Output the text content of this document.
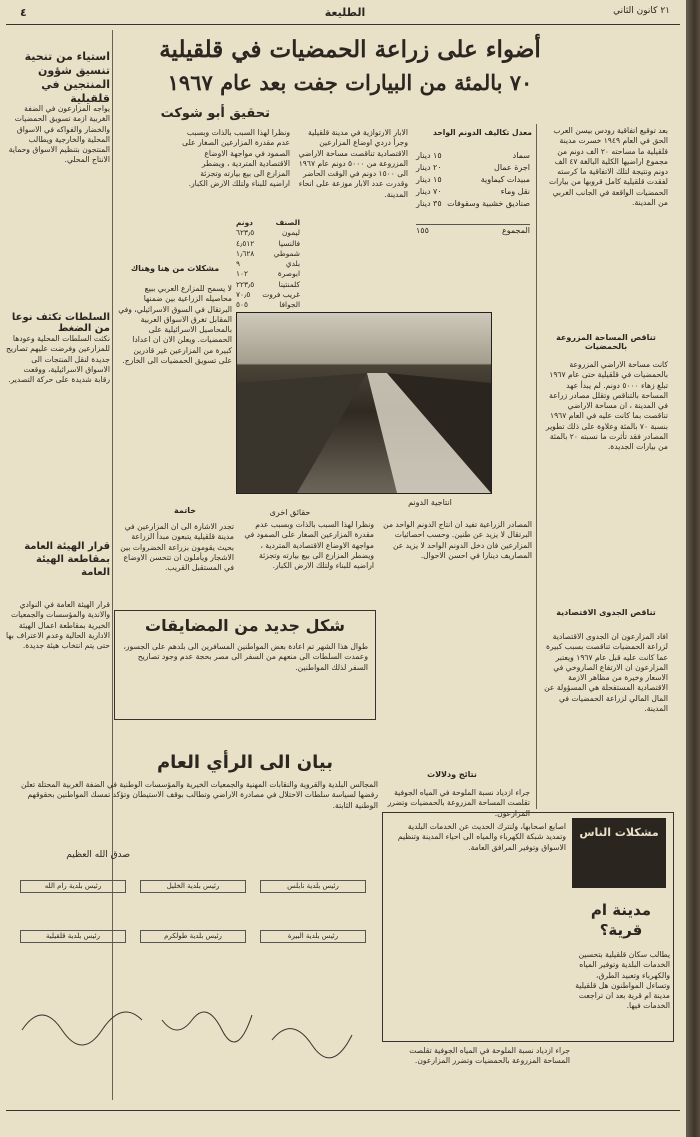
٤	الطليعة	٢١ كانون الثاني
أضواء على زراعة الحمضيات في قلقيلية
٧٠ بالمئة من البيارات جفت بعد عام ١٩٦٧
تحقيق أبو شوكت
بعد توقيع اتفاقية رودس بيسن العرب الحق في العام ١٩٤٩ خسرت مدينة قلقيلية ما مساحته ٢٠ الف دونم من مجموع اراضيها الكلية البالغة ٤٧ الف دونم ونتيجة لتلك الاتفاقية ما كرسته لفقدت قلقيلية كامل قروبها من بيارات الحمضيات الواقعة في الجانب الغربي من المدينة.
تناقص المساحة المزروعة بالحمضيات
كانت مساحة الاراضي المزروعة بالحمضيات في قلقيلية حتى عام ١٩٦٧ تبلغ زهاء ٥٠٠٠ دونم. لم يبدأ عهد المساحة بالتناقص وتقلل مصادر زراعة في المدينة ، ان مساحة الاراضي تناقصت بما كانت عليه في العام ١٩٦٧ بنسبة ٧٠ بالمئة وعلاوة على ذلك تطوير المصادر فقد تأثرت ما نسبته ٢٠ بالمئة من بيارات الجديدة.
تناقص الجدوى الاقتصادية
افاد المزارعون ان الجدوى الاقتصادية لزراعة الحمضيات تناقصت بسبب كبيرة عما كانت عليه قبل عام ١٩٦٧ ويعتبر المزارعون ان الارتفاع الصاروخي في الاسعار وخيرة من مظاهر الازمة الاقتصادية المستفحلة هي المسؤولة عن المال المالي لزراعة الحمضيات في المدينة.
معدل تكاليف الدونم الواحد
سماد
١٥ دينار
اجرة عمال
٢٠ دينار
مبيدات كيماوية
١٥ دينار
نقل وماء
٧٠ دينار
صناديق خشبية وسقوفات
٣٥ دينار
المجموع
١٥٥
الابار الارتوازية في مدينة قلقيلية وجرأ دردي اوضاع المزارعين الاقتصادية تناقصت مساحة الاراضي المزروعة من ٥٠٠٠ دونم عام ١٩٦٧ الى ١٥٠٠ دونم في الوقت الحاضر وقدرت عدد الابار موزعة على انحاء المدينة.
ونظرا لهذا السبب بالذات وبسبب عدم مقدرة المزارعين الصغار على الصمود في مواجهة الاوضاع الاقتصادية المتردية ، ويضطر المزارع الى بيع بيارته وتجزئة اراضيه للبناء ولتلك الارض الكبار.
الصنف
دونم
ليمون
٦٢٣٫٥
فالنسيا
٤٫٥١٢
شموطي
١٫٦٢٨
بلدي
٩
ابوصرة
١٠٢
كلمنتينا
٢٢٣٫٥
غريب فروت
٧٠٫٥
الجوافا
٥٠٥
مشكلات من هنا وهناك
لا يسمح للمزارع العربي ببيع محاصيله الزراعية بين ضمنها البرتقال في السوق الاسرائيلي، وفي المقابل تغرق الاسواق العربية بالمحاصيل الاسرائيلية على الحمضيات. ويعلن الان ان اعدادا كبيرة من المزارعين غير قادرين على تسويق الحمضيات الى الخارج.
خاتمة	حقائق اخرى
انتاجية الدونم
تجدر الاشارة الى ان المزارعين في مدينة قلقيلية يتبعون مبدأ الزراعة بحيث يقومون بزراعة الخضروات بين الاشجار ويأملون ان تتحسن الاوضاع في المستقبل القريب.
المصادر الزراعية تفيد ان انتاج الدونم الواحد من البرتقال لا يزيد عن طنين. وحسب احصائيات المزارعين فان دخل الدونم الواحد لا يزيد عن المصاريف دينارا في احسن الاحوال.
ونظرا لهذا السبب بالذات وبسبب عدم مقدرة المزارعين الصغار على الصمود في مواجهة الاوضاع الاقتصادية المتردية ، ويضطر المزارع الى بيع بيارته وتجزئة اراضيه للبناء ولتلك الارض الكبار.
نتائج ودلالات
جراء ازدياد نسبة الملوحة في المياه الجوفية تقلصت المساحة المزروعة بالحمضيات وتضرر المزارعون.
استياء من تنحية تنسيق شؤون المنتجين في قلقيلية
يواجه المزارعون في الضفة الغربية ازمة تسويق الحمضيات والخضار والفواكه في الاسواق المحلية والخارجية ويطالب المنتجون بتنظيم الاسواق وحماية الانتاج المحلي.
السلطات تكثف نوعا من الضغط
نكثت السلطات المحلية وعودها للمزارعين وفرضت عليهم تصاريح جديدة لنقل المنتجات الى الاسواق الاسرائيلية، ووقعت رقابة شديدة على حركة التصدير.
قرار الهيئة العامة بمقاطعة الهيئة العامة
قرار الهيئة العامة في النوادي والاندية والمؤسسات والجمعيات الخيرية بمقاطعة اعمال الهيئة الادارية الحالية وعدم الاعتراف بها حتى يتم انتخاب هيئة جديدة.
شكل جديد من المضايقات
طوال هذا الشهر تم اعادة بعض المواطنين المسافرين الى بلدهم على الجسور، وعمدت السلطات الى منعهم من السفر الى مصر بحجة عدم وجود تصاريح السفر لذلك المواطنين.
بيان الى الرأي العام
المجالس البلدية والقروية والنقابات المهنية والجمعيات الخيرية والمؤسسات الوطنية في الضفة الغربية المحتلة تعلن رفضها لسياسة سلطات الاحتلال في مصادرة الاراضي وتطالب بوقف الاستيطان وتؤكد تمسك المواطنين بحقوقهم الوطنية الثابتة.
صدق الله العظيم
رئيس بلدية نابلس
رئيس بلدية الخليل
رئيس بلدية رام الله
رئيس بلدية البيرة
رئيس بلدية طولكرم
رئيس بلدية قلقيلية
مشكلات الناس
مدينة ام قرية؟
يطالب سكان قلقيلية بتحسين الخدمات البلدية وتوفير المياه والكهرباء وتعبيد الطرق، وتساءل المواطنون هل قلقيلية مدينة ام قرية بعد ان تراجعت الخدمات فيها.
اصابع اصحابها، ولنترك الحديث عن الخدمات البلدية وتمديد شبكة الكهرباء والمياه الى احياء المدينة وتنظيم الاسواق وتوفير المرافق العامة.
جراء ازدياد نسبة الملوحة في المياه الجوفية تقلصت المساحة المزروعة بالحمضيات وتضرر المزارعون.
